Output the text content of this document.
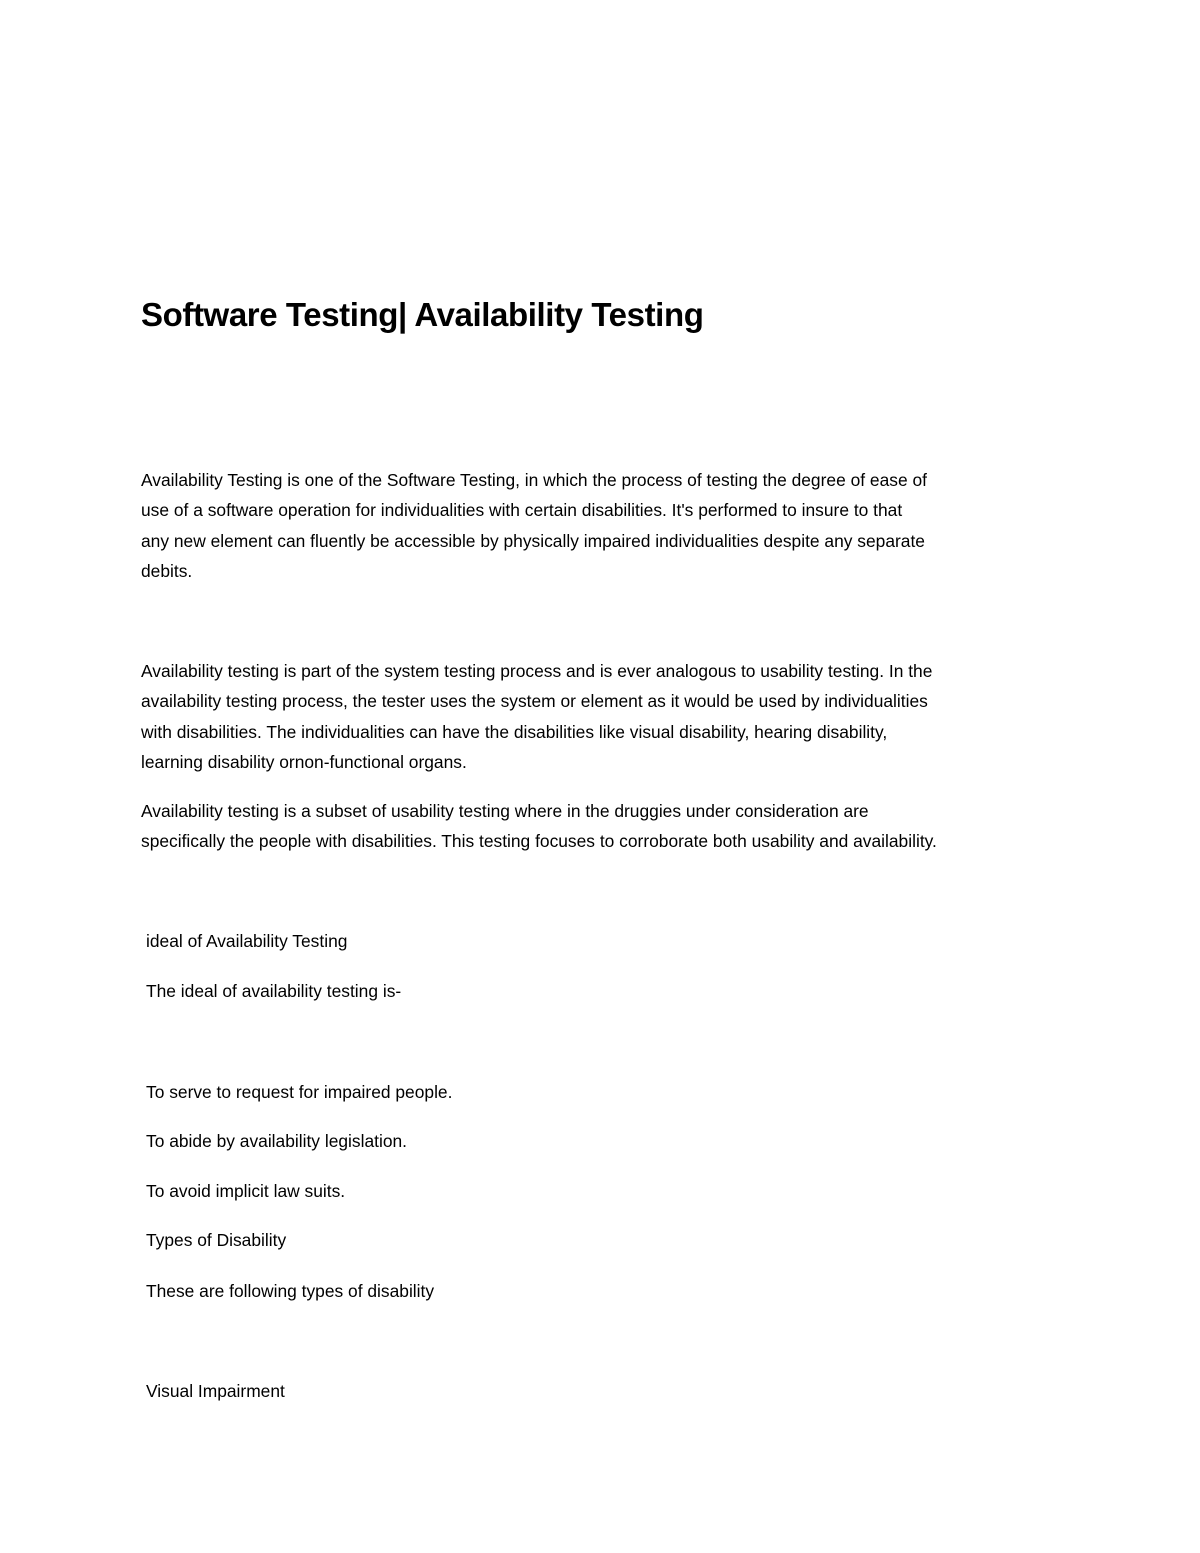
Software Testing| Availability Testing

Availability Testing is one of the Software Testing, in which the process of testing the degree of ease of
use of a software operation for individualities with certain disabilities. It's performed to insure to that
any new element can fluently be accessible by physically impaired individualities despite any separate
debits.

Availability testing is part of the system testing process and is ever analogous to usability testing. In the
availability testing process, the tester uses the system or element as it would be used by individualities
with disabilities. The individualities can have the disabilities like visual disability, hearing disability,
learning disability ornon-functional organs.

Availability testing is a subset of usability testing where in the druggies under consideration are
specifically the people with disabilities. This testing focuses to corroborate both usability and availability.

ideal of Availability Testing

The ideal of availability testing is-

To serve to request for impaired people.

To abide by availability legislation.

To avoid implicit law suits.

Types of Disability

These are following types of disability

Visual Impairment
